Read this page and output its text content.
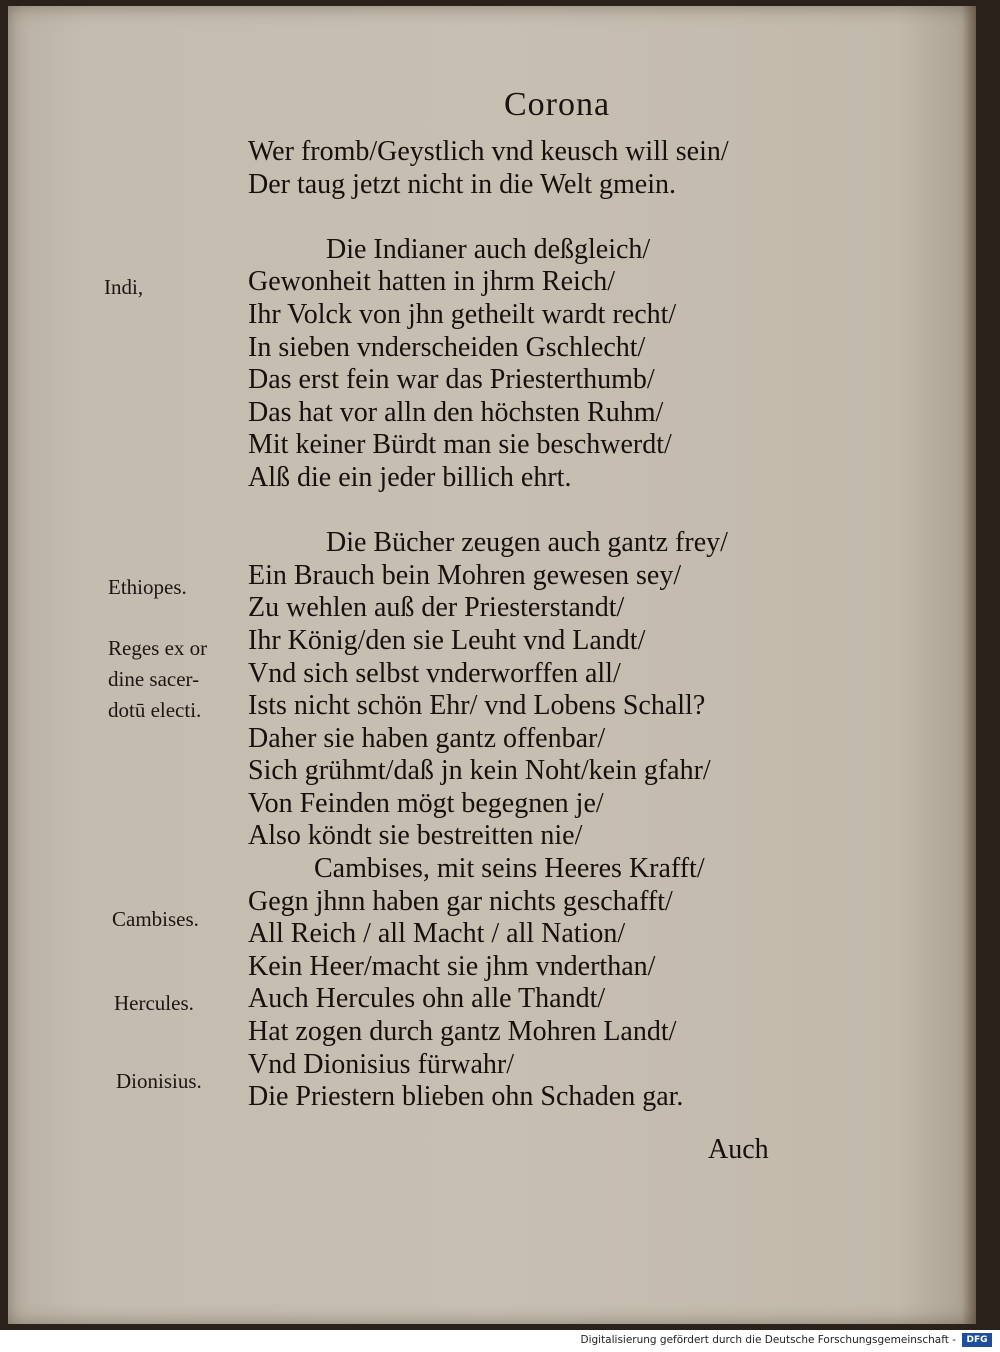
Corona
Wer fromb/Geystlich vnd keusch will sein/
Der taug jetzt nicht in die Welt gmein.
Die Indianer auch deßgleich/
Gewonheit hatten in jhrm Reich/
Ihr Volck von jhn getheilt wardt recht/
In sieben vnderscheiden Gschlecht/
Das erst fein war das Priesterthumb/
Das hat vor alln den höchsten Ruhm/
Mit keiner Bürdt man sie beschwerdt/
Alß die ein jeder billich ehrt.
Die Bücher zeugen auch gantz frey/
Ein Brauch bein Mohren gewesen sey/
Zu wehlen auß der Priesterstandt/
Ihr König/den sie Leuht vnd Landt/
Vnd sich selbst vnderworffen all/
Ists nicht schön Ehr/ vnd Lobens Schall?
Daher sie haben gantz offenbar/
Sich grühmt/daß jn kein Noht/kein gfahr/
Von Feinden mögt begegnen je/
Also köndt sie bestreitten nie/
Cambises, mit seins Heeres Krafft/
Gegn jhnn haben gar nichts geschafft/
All Reich / all Macht / all Nation/
Kein Heer/macht sie jhm vnderthan/
Auch Hercules ohn alle Thandt/
Hat zogen durch gantz Mohren Landt/
Vnd Dionisius fürwahr/
Die Priestern blieben ohn Schaden gar.
Auch
Indi,
Ethiopes.
Reges ex or
dine sacer-
dotū electi.
Cambises.
Hercules.
Dionisius.
Digitalisierung gefördert durch die Deutsche Forschungsgemeinschaft -	DFG
